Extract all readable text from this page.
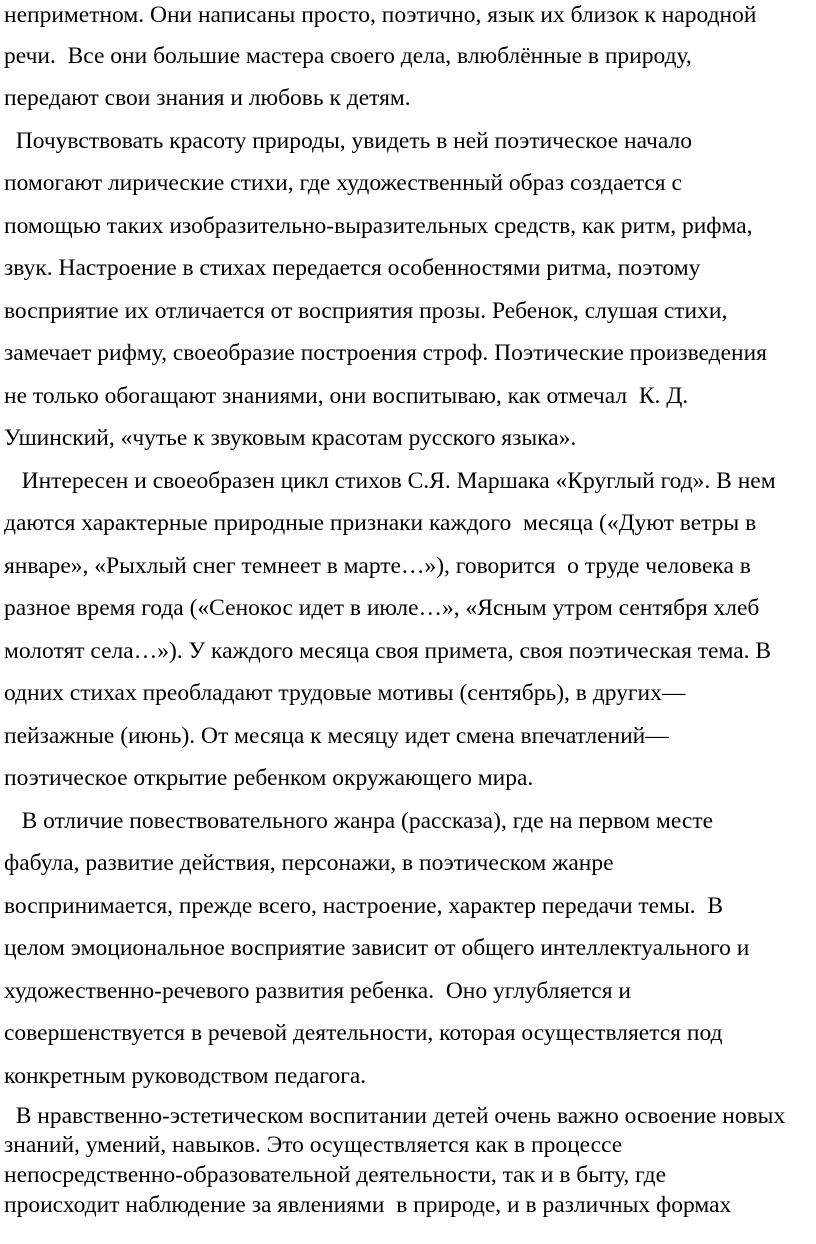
неприметном. Они написаны просто, поэтично, язык их близок к народной
речи.  Все они большие мастера своего дела, влюблённые в природу,
передают свои знания и любовь к детям.
Почувствовать красоту природы, увидеть в ней поэтическое начало
помогают лирические стихи, где художественный образ создается с
помощью таких изобразительно-выразительных средств, как ритм, рифма,
звук. Настроение в стихах передается особенностями ритма, поэтому
восприятие их отличается от восприятия прозы. Ребенок, слушая стихи,
замечает рифму, своеобразие построения строф. Поэтические произведения
не только обогащают знаниями, они воспитываю, как отмечал  К. Д.
Ушинский, «чутье к звуковым красотам русского языка».
Интересен и своеобразен цикл стихов С.Я. Маршака «Круглый год». В нем
даются характерные природные признаки каждого  месяца («Дуют ветры в
январе», «Рыхлый снег темнеет в марте…»), говорится  о труде человека в
разное время года («Сенокос идет в июле…», «Ясным утром сентября хлеб
молотят села…»). У каждого месяца своя примета, своя поэтическая тема. В
одних стихах преобладают трудовые мотивы (сентябрь), в других—
пейзажные (июнь). От месяца к месяцу идет смена впечатлений—
поэтическое открытие ребенком окружающего мира.
В отличие повествовательного жанра (рассказа), где на первом месте
фабула, развитие действия, персонажи, в поэтическом жанре
воспринимается, прежде всего, настроение, характер передачи темы.  В
целом эмоциональное восприятие зависит от общего интеллектуального и
художественно-речевого развития ребенка.  Оно углубляется и
совершенствуется в речевой деятельности, которая осуществляется под
конкретным руководством педагога.
В нравственно-эстетическом воспитании детей очень важно освоение новых
знаний, умений, навыков. Это осуществляется как в процессе
непосредственно-образовательной деятельности, так и в быту, где
происходит наблюдение за явлениями  в природе, и в различных формах
